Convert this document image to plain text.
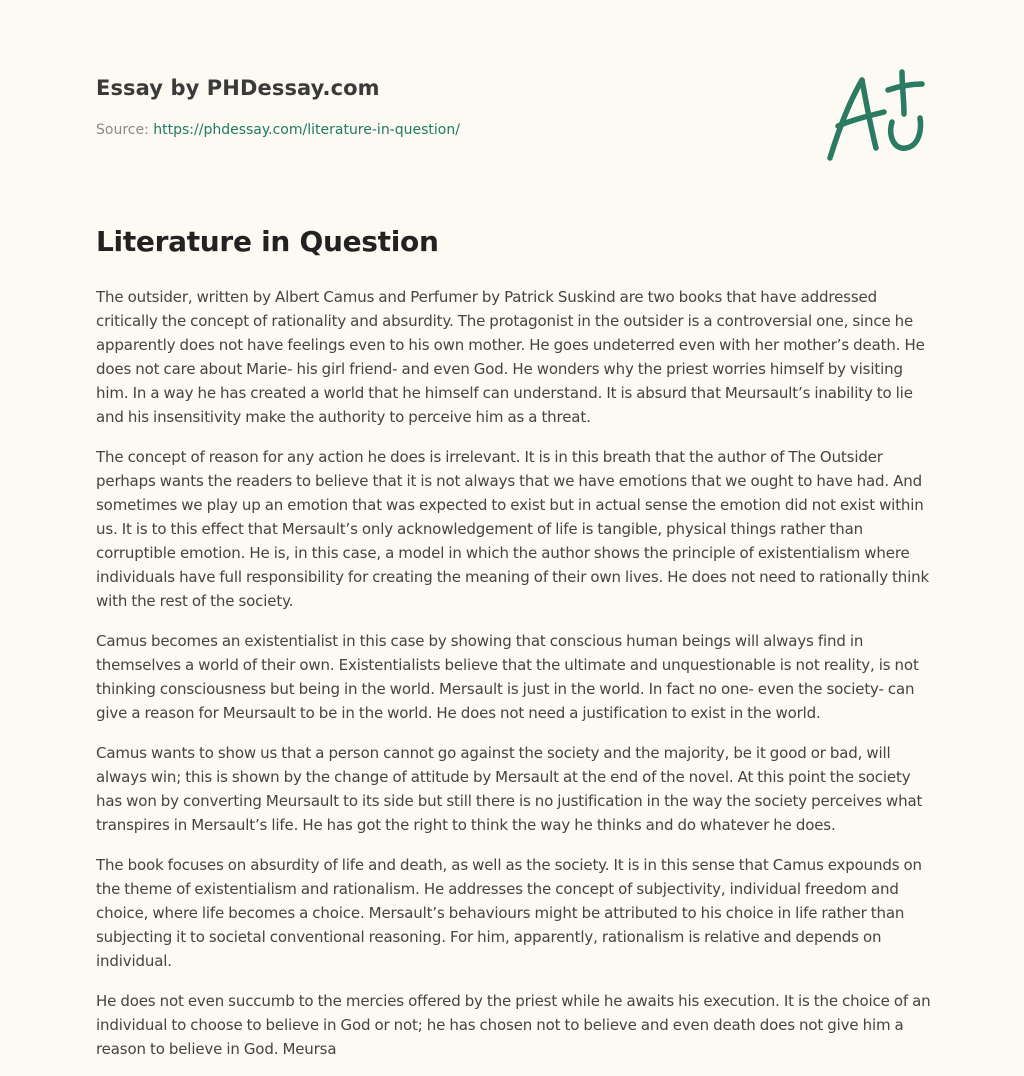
Essay by PHDessay.com
Source: https://phdessay.com/literature-in-question/
Literature in Question

The outsider, written by Albert Camus and Perfumer by Patrick Suskind are two books that have addressed critically the concept of rationality and absurdity. The protagonist in the outsider is a controversial one, since he apparently does not have feelings even to his own mother. He goes undeterred even with her mother’s death. He does not care about Marie- his girl friend- and even God. He wonders why the priest worries himself by visiting him. In a way he has created a world that he himself can understand. It is absurd that Meursault’s inability to lie and his insensitivity make the authority to perceive him as a threat.

The concept of reason for any action he does is irrelevant. It is in this breath that the author of The Outsider perhaps wants the readers to believe that it is not always that we have emotions that we ought to have had. And sometimes we play up an emotion that was expected to exist but in actual sense the emotion did not exist within us. It is to this effect that Mersault’s only acknowledgement of life is tangible, physical things rather than corruptible emotion. He is, in this case, a model in which the author shows the principle of existentialism where individuals have full responsibility for creating the meaning of their own lives. He does not need to rationally think with the rest of the society.

Camus becomes an existentialist in this case by showing that conscious human beings will always find in themselves a world of their own. Existentialists believe that the ultimate and unquestionable is not reality, is not thinking consciousness but being in the world. Mersault is just in the world. In fact no one- even the society- can give a reason for Meursault to be in the world. He does not need a justification to exist in the world.

Camus wants to show us that a person cannot go against the society and the majority, be it good or bad, will always win; this is shown by the change of attitude by Mersault at the end of the novel. At this point the society has won by converting Meursault to its side but still there is no justification in the way the society perceives what transpires in Mersault’s life. He has got the right to think the way he thinks and do whatever he does.

The book focuses on absurdity of life and death, as well as the society. It is in this sense that Camus expounds on the theme of existentialism and rationalism. He addresses the concept of subjectivity, individual freedom and choice, where life becomes a choice. Mersault’s behaviours might be attributed to his choice in life rather than subjecting it to societal conventional reasoning. For him, apparently, rationalism is relative and depends on individual.

He does not even succumb to the mercies offered by the priest while he awaits his execution. It is the choice of an individual to choose to believe in God or not; he has chosen not to believe and even death does not give him a reason to believe in God. Meursa
